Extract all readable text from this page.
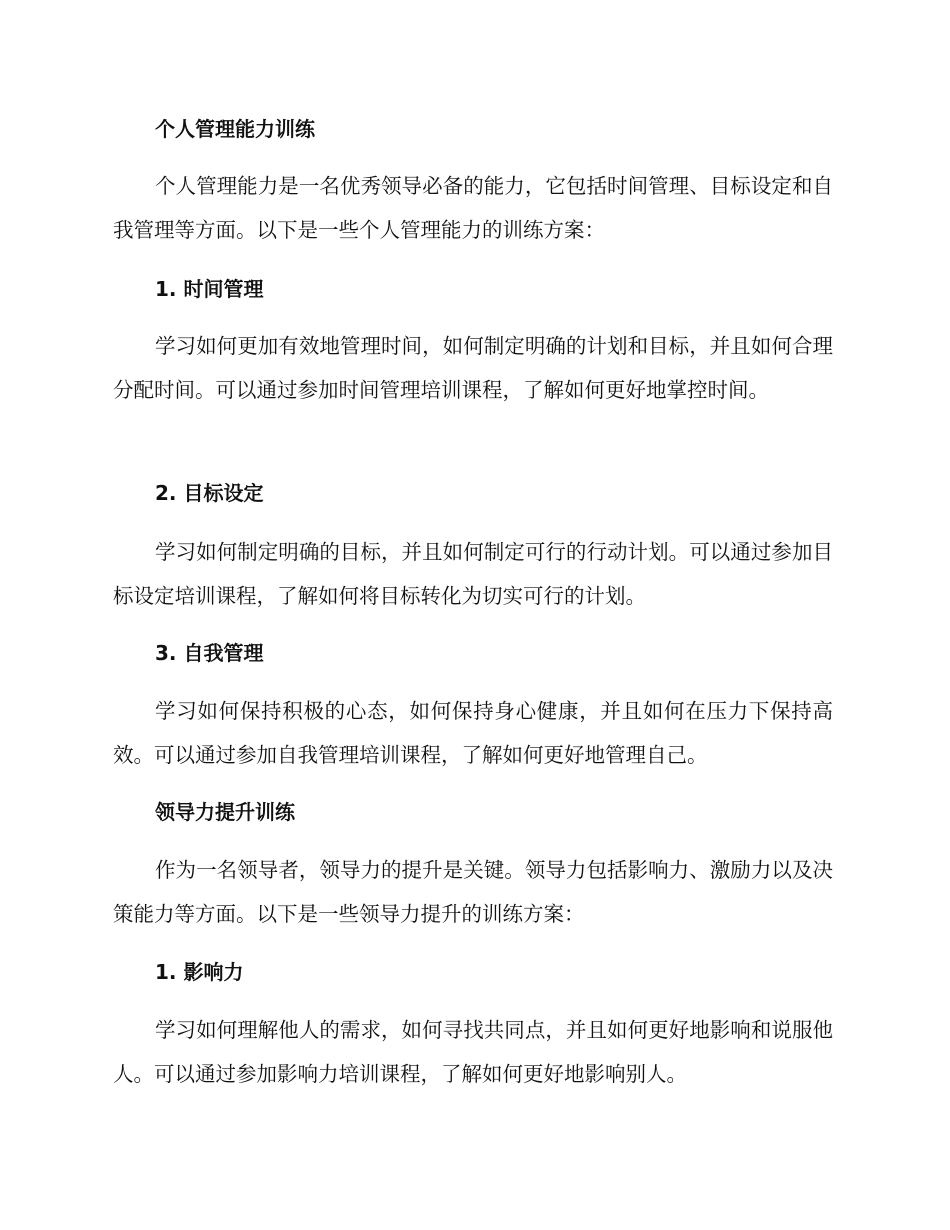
个人管理能力训练

个人管理能力是一名优秀领导必备的能力，它包括时间管理、目标设定和自我管理等方面。以下是一些个人管理能力的训练方案：

1. 时间管理

学习如何更加有效地管理时间，如何制定明确的计划和目标，并且如何合理分配时间。可以通过参加时间管理培训课程，了解如何更好地掌控时间。

2. 目标设定

学习如何制定明确的目标，并且如何制定可行的行动计划。可以通过参加目标设定培训课程，了解如何将目标转化为切实可行的计划。

3. 自我管理

学习如何保持积极的心态，如何保持身心健康，并且如何在压力下保持高效。可以通过参加自我管理培训课程，了解如何更好地管理自己。

领导力提升训练

作为一名领导者，领导力的提升是关键。领导力包括影响力、激励力以及决策能力等方面。以下是一些领导力提升的训练方案：

1. 影响力

学习如何理解他人的需求，如何寻找共同点，并且如何更好地影响和说服他人。可以通过参加影响力培训课程，了解如何更好地影响别人。
